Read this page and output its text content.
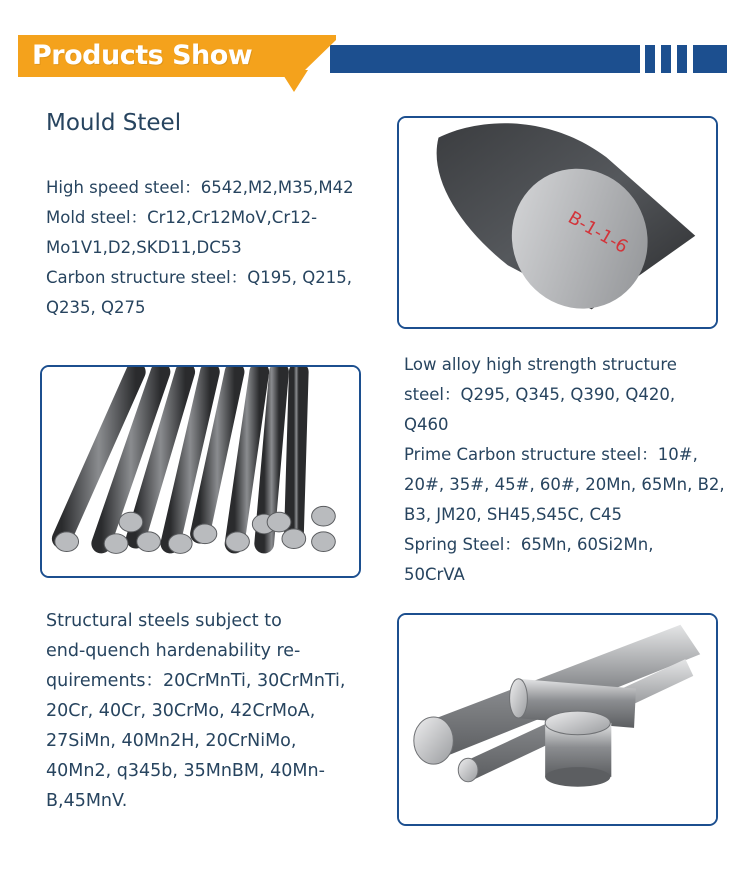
Products Show
Mould Steel
High speed steel：6542,M2,M35,M42
Mold steel：Cr12,Cr12MoV,Cr12-
Mo1V1,D2,SKD11,DC53
Carbon structure steel：Q195, Q215,
Q235, Q275
B-1-1-6
Low alloy high strength structure
steel：Q295, Q345, Q390, Q420,
Q460
Prime Carbon structure steel：10#,
20#, 35#, 45#, 60#, 20Mn, 65Mn, B2,
B3, JM20, SH45,S45C, C45
Spring Steel：65Mn, 60Si2Mn,
50CrVA
Structural steels subject to
end-quench hardenability re-
quirements：20CrMnTi, 30CrMnTi,
20Cr, 40Cr, 30CrMo, 42CrMoA,
27SiMn, 40Mn2H, 20CrNiMo,
40Mn2, q345b, 35MnBM, 40Mn-
B,45MnV.
